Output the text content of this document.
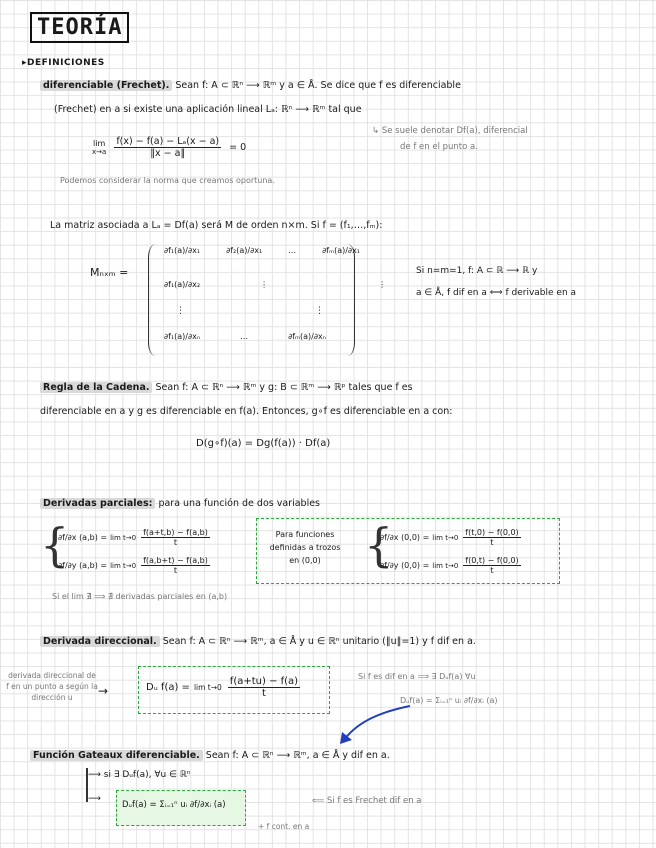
TEORÍA
▸DEFINICIONES
diferenciable (Frechet). Sean f: A ⊂ ℝⁿ ⟶ ℝᵐ y a ∈ Å. Se dice que f es diferenciable
(Frechet) en a si existe una aplicación lineal Lₐ: ℝⁿ ⟶ ℝᵐ tal que
lim
$x\to a \frac{\text{f(x) − f(a) − Lₐ(x − a)}}{‖x - a‖} = 0$
↳ Se suele denotar Df(a), diferencial
de f en el punto a.
Podemos considerar la norma que creamos oportuna.
La matriz asociada a Lₐ = Df(a) será M de orden n×m. Si f = (f₁,…,fₘ):
Mₙₓₘ =
∂f₁(a)/∂x₁	∂f₂(a)/∂x₁	…	∂fₘ(a)/∂x₁
∂f₁(a)/∂x₂	⋮	⋮
⋮	⋮
∂f₁(a)/∂xₙ	…	∂fₘ(a)/∂xₙ
Si n=m=1, f: A ⊂ ℝ ⟶ ℝ y
a ∈ Å, f dif en a ⟺ f derivable en a
Regla de la Cadena. Sean f: A ⊂ ℝⁿ ⟶ ℝᵐ y g: B ⊂ ℝᵐ ⟶ ℝᵖ tales que f es
diferenciable en a y g es diferenciable en f(a). Entonces, g∘f es diferenciable en a con:
D(g∘f)(a) = Dg(f(a)) · Df(a)
Derivadas parciales: para una función de dos variables
{
∂f/∂x $(a,b) = \lim t\to 0 \frac{f(a+t,b) - f(a,b)}{t}$
∂f/∂y $(a,b) = \lim t\to 0 \frac{f(a,b+t) - f(a,b)}{t}$
Para funciones definidas a trozos en (0,0) {
∂f/∂x $(0,0) = \lim t\to 0 \frac{f(t,0) - f(0,0)}{t}$
∂f/∂y $(0,0) = \lim t\to 0 \frac{f(0,t) - f(0,0)}{t}$
Si el lim ∄ ⟹ ∄ derivadas parciales en (a,b)
Derivada direccional. Sean f: A ⊂ ℝⁿ ⟶ ℝᵐ, a ∈ Å y u ∈ ℝⁿ unitario (‖u‖=1) y f dif en a.
derivada direccional de f en un punto a según la dirección u	→	Dᵤ $f(a) = \lim t\to 0 \frac{f(a+tu) - f(a)}{t}$	Si f es dif en a ⟹ ∃ Dᵤf(a) ∀u
Dᵤf(a) = Σᵢ₌₁ⁿ uᵢ ∂f/∂xᵢ (a)
Función Gateaux diferenciable. Sean f: A ⊂ ℝⁿ ⟶ ℝᵐ, a ∈ Å y dif en a.
⟶ si ∃ Dᵤf(a), ∀u ∈ ℝⁿ
⟶
Dᵤf(a) = Σᵢ₌₁ⁿ uᵢ ∂f/∂xᵢ (a)	⟸ Si f es Frechet dif en a
+ f cont. en a
